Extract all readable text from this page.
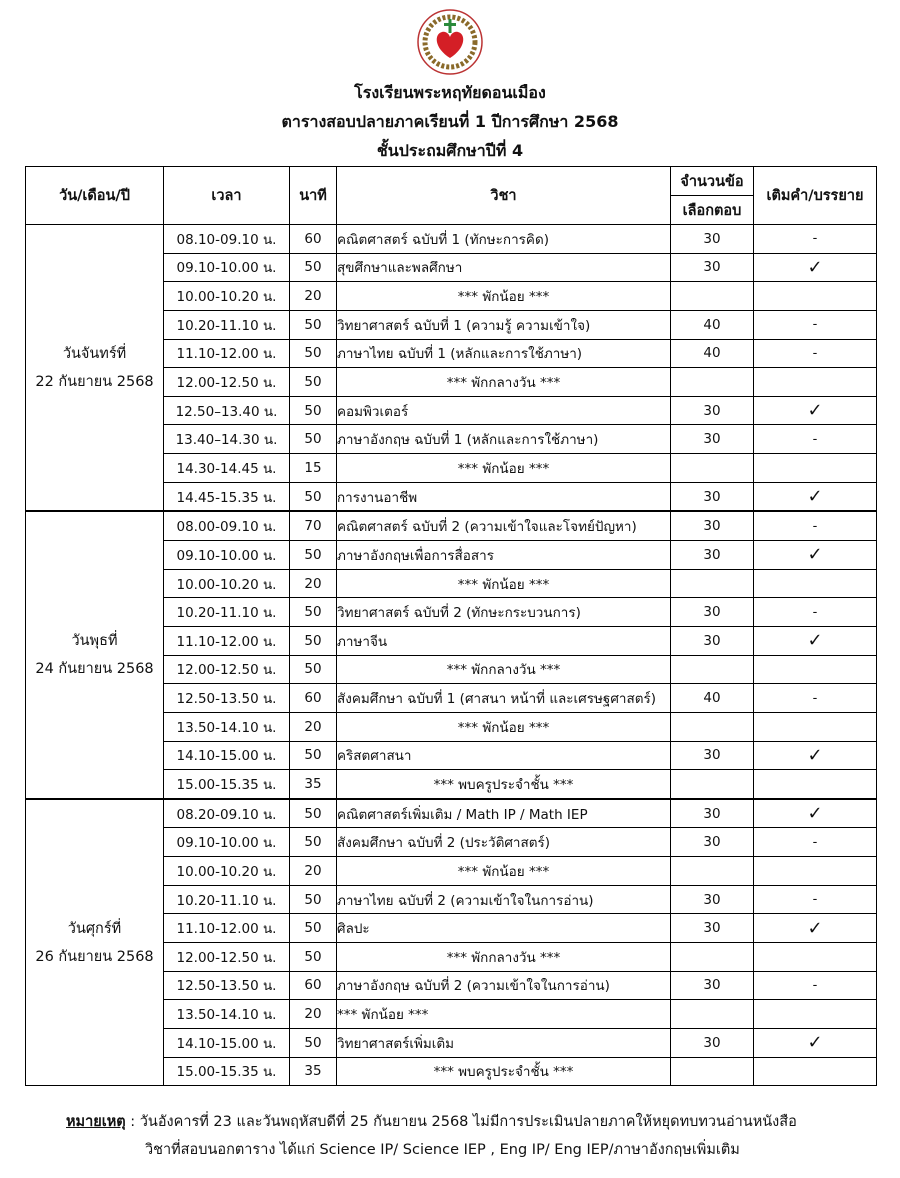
โรงเรียนพระหฤทัยดอนเมือง
ตารางสอบปลายภาคเรียนที่ 1 ปีการศึกษา 2568
ชั้นประถมศึกษาปีที่ 4
วัน/เดือน/ปี	เวลา	นาที	วิชา	จำนวนข้อ	เติมคำ/บรรยาย
				เลือกตอบ	

วันจันทร์ที่
22 กันยายน 2568	08.10-09.10 น.	60	คณิตศาสตร์ ฉบับที่ 1 (ทักษะการคิด)	30	-
	09.10-10.00 น.	50	สุขศึกษาและพลศึกษา	30	✓
	10.00-10.20 น.	20	*** พักน้อย ***		
	10.20-11.10 น.	50	วิทยาศาสตร์ ฉบับที่ 1 (ความรู้ ความเข้าใจ)	40	-
	11.10-12.00 น.	50	ภาษาไทย ฉบับที่ 1 (หลักและการใช้ภาษา)	40	-
	12.00-12.50 น.	50	*** พักกลางวัน ***		
	12.50–13.40 น.	50	คอมพิวเตอร์	30	✓
	13.40–14.30 น.	50	ภาษาอังกฤษ ฉบับที่ 1 (หลักและการใช้ภาษา)	30	-
	14.30-14.45 น.	15	*** พักน้อย ***		
	14.45-15.35 น.	50	การงานอาชีพ	30	✓

วันพุธที่
24 กันยายน 2568	08.00-09.10 น.	70	คณิตศาสตร์ ฉบับที่ 2 (ความเข้าใจและโจทย์ปัญหา)	30	-
	09.10-10.00 น.	50	ภาษาอังกฤษเพื่อการสื่อสาร	30	✓
	10.00-10.20 น.	20	*** พักน้อย ***		
	10.20-11.10 น.	50	วิทยาศาสตร์ ฉบับที่ 2 (ทักษะกระบวนการ)	30	-
	11.10-12.00 น.	50	ภาษาจีน	30	✓
	12.00-12.50 น.	50	*** พักกลางวัน ***		
	12.50-13.50 น.	60	สังคมศึกษา ฉบับที่ 1 (ศาสนา หน้าที่ และเศรษฐศาสตร์)	40	-
	13.50-14.10 น.	20	*** พักน้อย ***		
	14.10-15.00 น.	50	คริสตศาสนา	30	✓
	15.00-15.35 น.	35	*** พบครูประจำชั้น ***		

วันศุกร์ที่
26 กันยายน 2568	08.20-09.10 น.	50	คณิตศาสตร์เพิ่มเติม / Math IP / Math IEP	30	✓
	09.10-10.00 น.	50	สังคมศึกษา ฉบับที่ 2 (ประวัติศาสตร์)	30	-
	10.00-10.20 น.	20	*** พักน้อย ***		
	10.20-11.10 น.	50	ภาษาไทย ฉบับที่ 2 (ความเข้าใจในการอ่าน)	30	-
	11.10-12.00 น.	50	ศิลปะ	30	✓
	12.00-12.50 น.	50	*** พักกลางวัน ***		
	12.50-13.50 น.	60	ภาษาอังกฤษ ฉบับที่ 2 (ความเข้าใจในการอ่าน)	30	-
	13.50-14.10 น.	20	*** พักน้อย ***		
	14.10-15.00 น.	50	วิทยาศาสตร์เพิ่มเติม	30	✓
	15.00-15.35 น.	35	*** พบครูประจำชั้น ***		
หมายเหตุ : วันอังคารที่ 23 และวันพฤหัสบดีที่ 25 กันยายน 2568 ไม่มีการประเมินปลายภาคให้หยุดทบทวนอ่านหนังสือ
วิชาที่สอบนอกตาราง ได้แก่ Science IP/ Science IEP , Eng IP/ Eng IEP/ภาษาอังกฤษเพิ่มเติม
